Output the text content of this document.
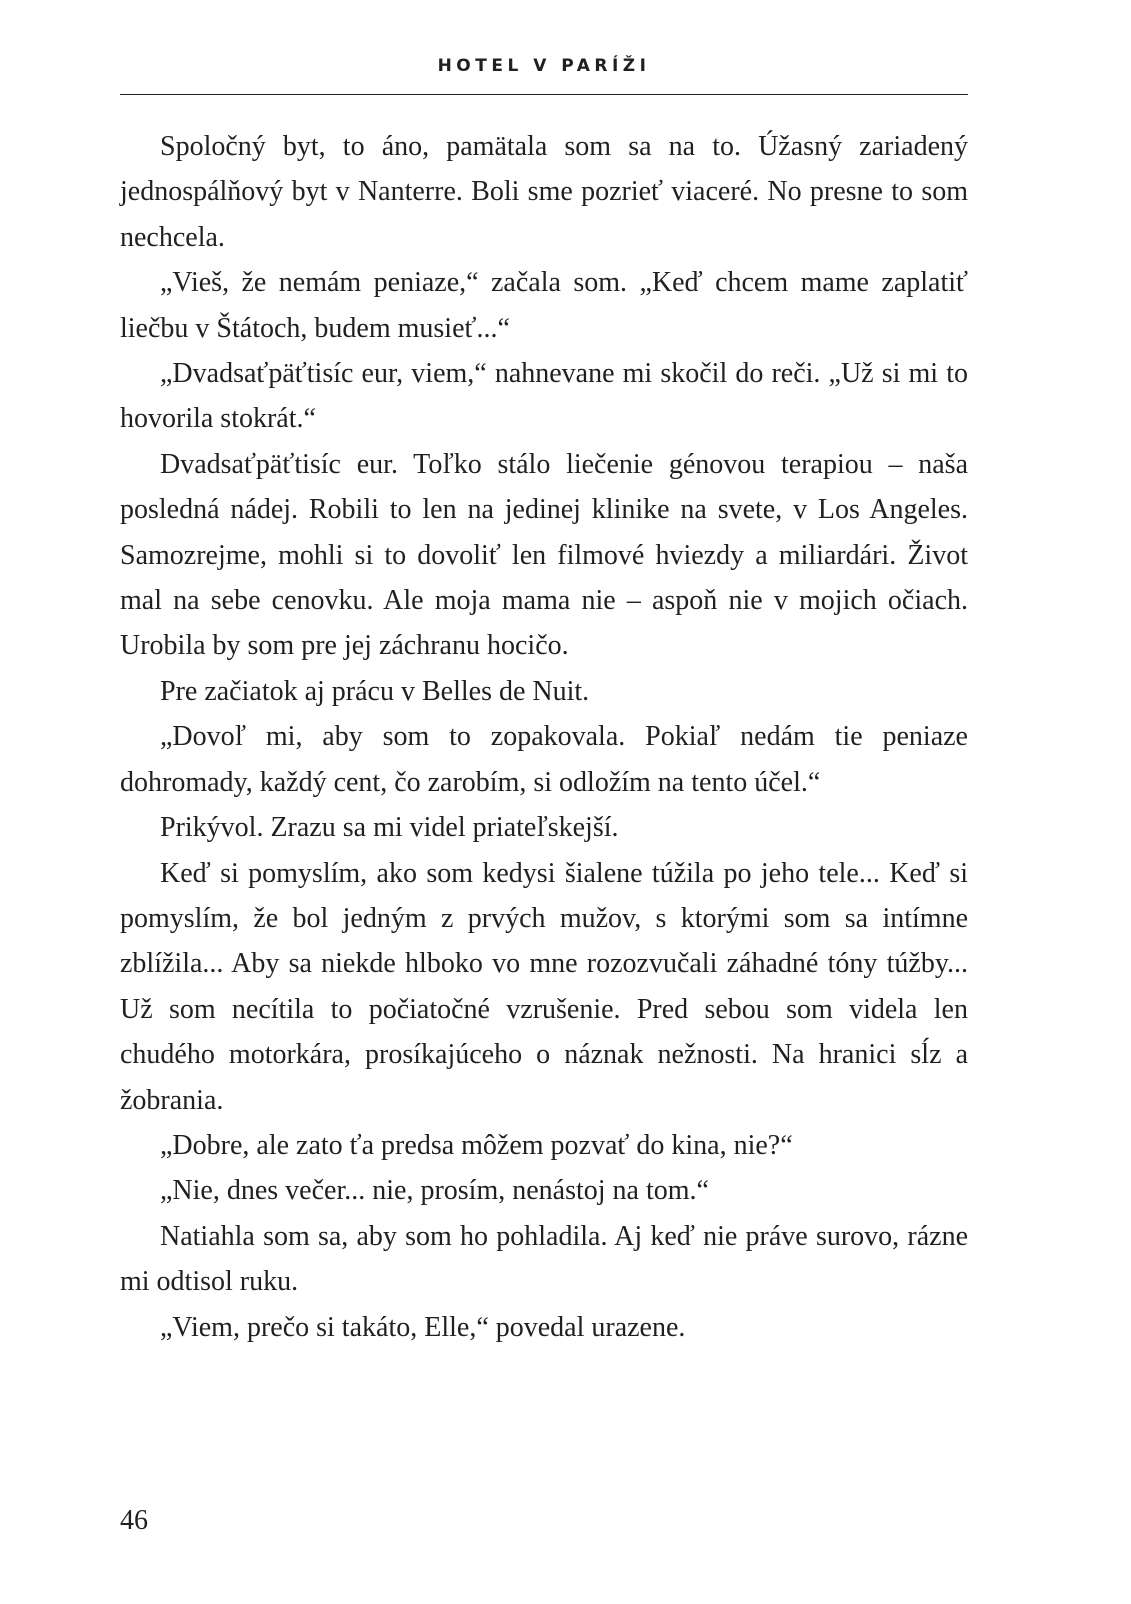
HOTEL V PARÍŽI

Spoločný byt, to áno, pamätala som sa na to. Úžasný zariadený jednospálňový byt v Nanterre. Boli sme pozrieť viaceré. No presne to som nechcela.

„Vieš, že nemám peniaze,“ začala som. „Keď chcem mame zaplatiť liečbu v Štátoch, budem musieť...“

„Dvadsaťpäťtisíc eur, viem,“ nahnevane mi skočil do reči. „Už si mi to hovorila stokrát.“

Dvadsaťpäťtisíc eur. Toľko stálo liečenie génovou terapiou – naša posledná nádej. Robili to len na jedinej klinike na svete, v Los Angeles. Samozrejme, mohli si to dovoliť len filmové hviezdy a miliardári. Život mal na sebe cenovku. Ale moja mama nie – aspoň nie v mojich očiach. Urobila by som pre jej záchranu hocičo.

Pre začiatok aj prácu v Belles de Nuit.

„Dovoľ mi, aby som to zopakovala. Pokiaľ nedám tie peniaze dohromady, každý cent, čo zarobím, si odložím na tento účel.“

Prikývol. Zrazu sa mi videl priateľskejší.

Keď si pomyslím, ako som kedysi šialene túžila po jeho tele... Keď si pomyslím, že bol jedným z prvých mužov, s ktorými som sa intímne zblížila... Aby sa niekde hlboko vo mne rozozvučali záhadné tóny túžby... Už som necítila to počiatočné vzrušenie. Pred sebou som videla len chudého motorkára, prosíkajúceho o náznak nežnosti. Na hranici sĺz a žobrania.

„Dobre, ale zato ťa predsa môžem pozvať do kina, nie?“

„Nie, dnes večer... nie, prosím, nenástoj na tom.“

Natiahla som sa, aby som ho pohladila. Aj keď nie práve surovo, rázne mi odtisol ruku.

„Viem, prečo si takáto, Elle,“ povedal urazene.

46
